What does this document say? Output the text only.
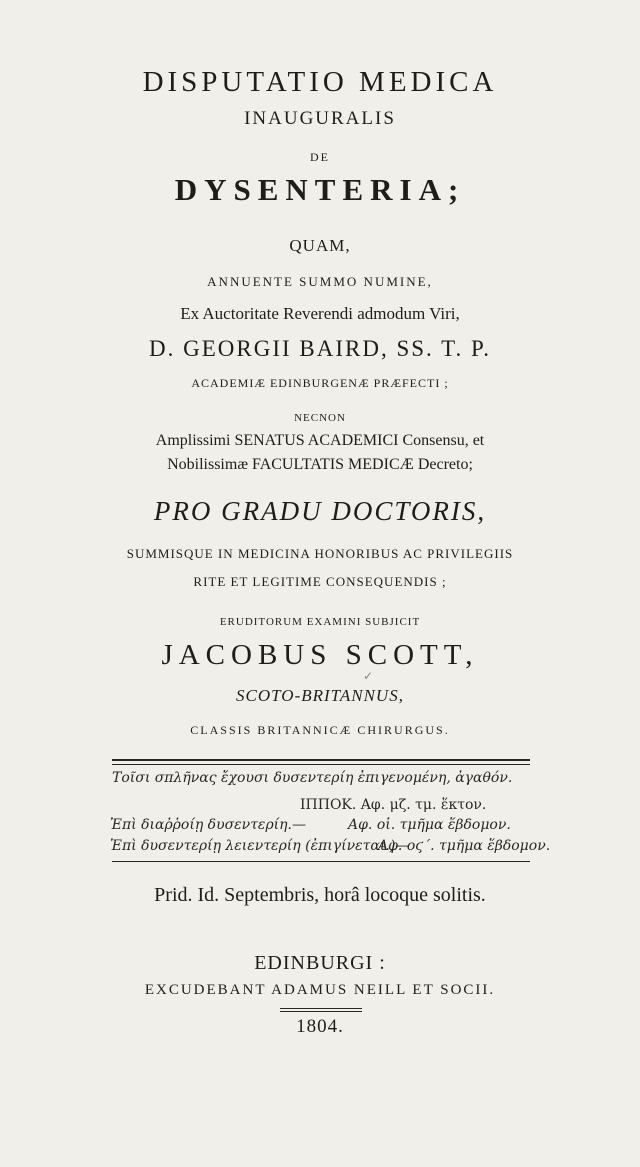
DISPUTATIO MEDICA
INAUGURALIS
DE
DYSENTERIA;
QUAM,
ANNUENTE SUMMO NUMINE,
Ex Auctoritate Reverendi admodum Viri,
D. GEORGII BAIRD, SS. T. P.
ACADEMIÆ EDINBURGENÆ PRÆFECTI ;
NECNON
Amplissimi SENATUS ACADEMICI Consensu, et
Nobilissimæ FACULTATIS MEDICÆ Decreto;
PRO GRADU DOCTORIS,
SUMMISQUE IN MEDICINA HONORIBUS AC PRIVILEGIIS
RITE ET LEGITIME CONSEQUENDIS ;
ERUDITORUM EXAMINI SUBJICIT
JACOBUS SCOTT,
✓
SCOTO-BRITANNUS,
CLASSIS BRITANNICÆ CHIRURGUS.
Τοῖσι σπλῆνας ἔχουσι δυσεντερίη ἐπιγενομένη, ἀγαθόν.
ΙΠΠΟΚ. Αφ. μζ. τμ. ἕκτον.
Ἐπὶ διαῤῥοίῃ δυσεντερίη.—	Αφ. οἱ. τμῆμα ἕβδομον.
Ἐπὶ δυσεντερίῃ λειεντερίη (ἐπιγίνεται.)—
Αφ. οϛ΄. τμῆμα ἕβδομον.
Prid. Id. Septembris, horâ locoque solitis.
EDINBURGI :
EXCUDEBANT ADAMUS NEILL ET SOCII.
1804.
